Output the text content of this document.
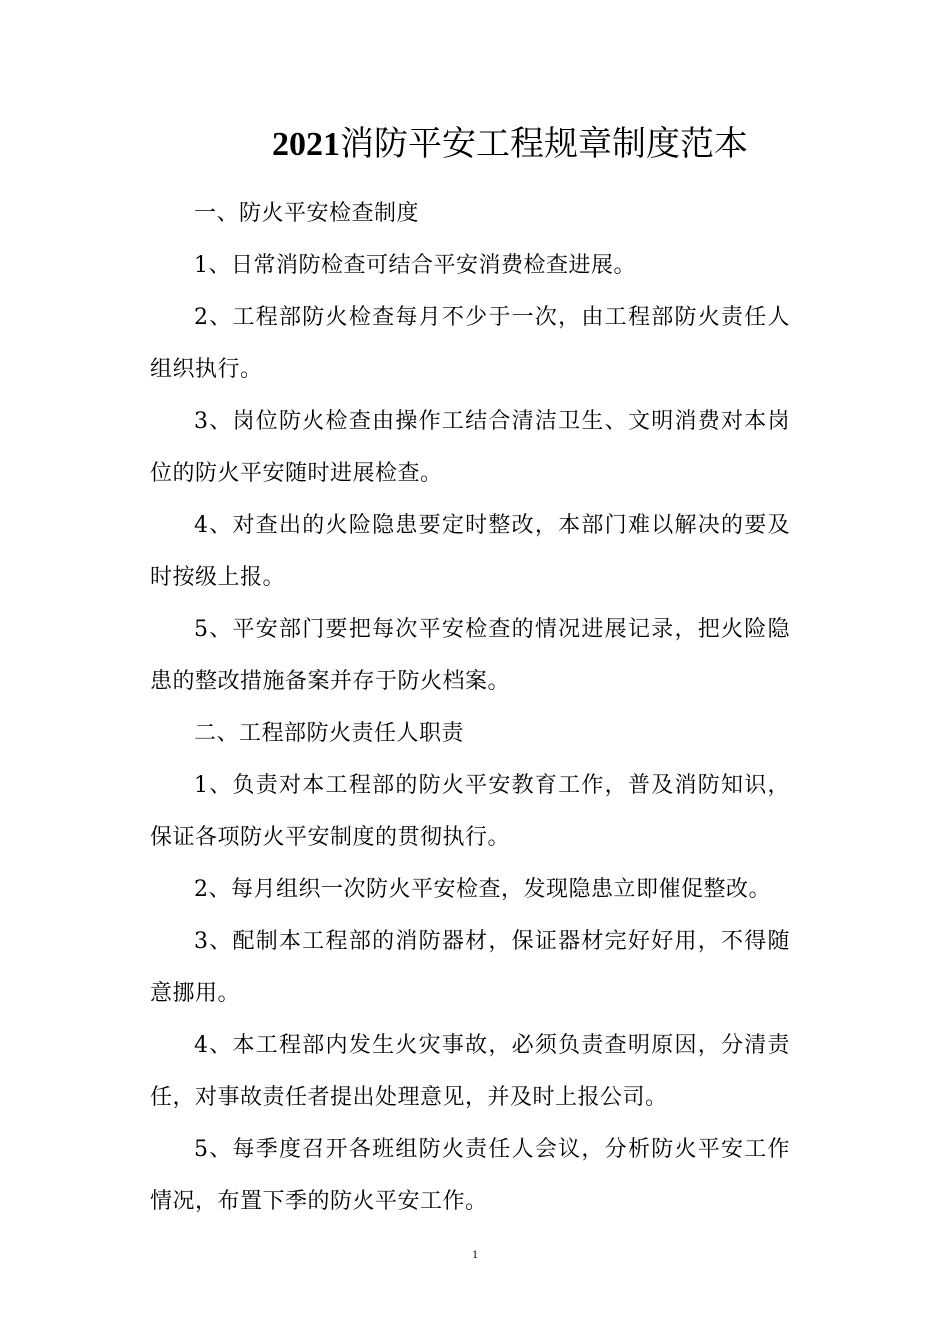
2021消防平安工程规章制度范本

一、防火平安检查制度

1、日常消防检查可结合平安消费检查进展。

2、工程部防火检查每月不少于一次，由工程部防火责任人组织执行。

3、岗位防火检查由操作工结合清洁卫生、文明消费对本岗位的防火平安随时进展检查。

4、对查出的火险隐患要定时整改，本部门难以解决的要及时按级上报。

5、平安部门要把每次平安检查的情况进展记录，把火险隐患的整改措施备案并存于防火档案。

二、工程部防火责任人职责

1、负责对本工程部的防火平安教育工作，普及消防知识，保证各项防火平安制度的贯彻执行。

2、每月组织一次防火平安检查，发现隐患立即催促整改。

3、配制本工程部的消防器材，保证器材完好好用，不得随意挪用。

4、本工程部内发生火灾事故，必须负责查明原因，分清责任，对事故责任者提出处理意见，并及时上报公司。

5、每季度召开各班组防火责任人会议，分析防火平安工作情况，布置下季的防火平安工作。

1
